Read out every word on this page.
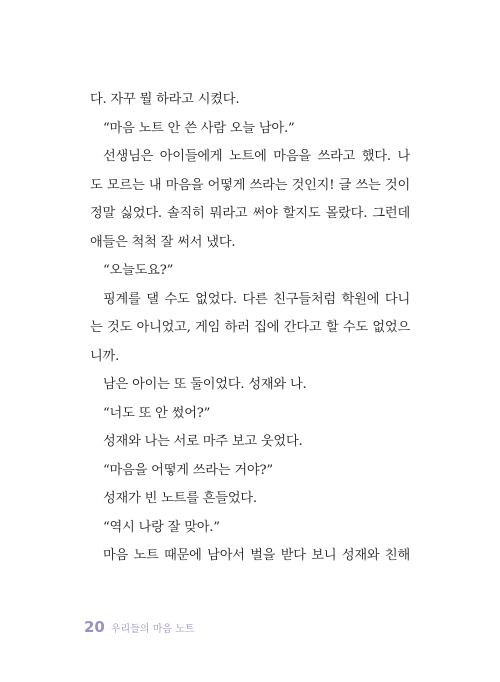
다. 자꾸 뭘 하라고 시켰다.
“마음 노트 안 쓴 사람 오늘 남아.”
선생님은 아이들에게 노트에 마음을 쓰라고 했다. 나
도 모르는 내 마음을 어떻게 쓰라는 것인지! 글 쓰는 것이
정말 싫었다. 솔직히 뭐라고 써야 할지도 몰랐다. 그런데
애들은 척척 잘 써서 냈다.
“오늘도요?”
핑계를 댈 수도 없었다. 다른 친구들처럼 학원에 다니
는 것도 아니었고, 게임 하러 집에 간다고 할 수도 없었으
니까.
남은 아이는 또 둘이었다. 성재와 나.
“너도 또 안 썼어?”
성재와 나는 서로 마주 보고 웃었다.
“마음을 어떻게 쓰라는 거야?”
성재가 빈 노트를 흔들었다.
“역시 나랑 잘 맞아.”
마음 노트 때문에 남아서 벌을 받다 보니 성재와 친해
20 우리들의 마음 노트
